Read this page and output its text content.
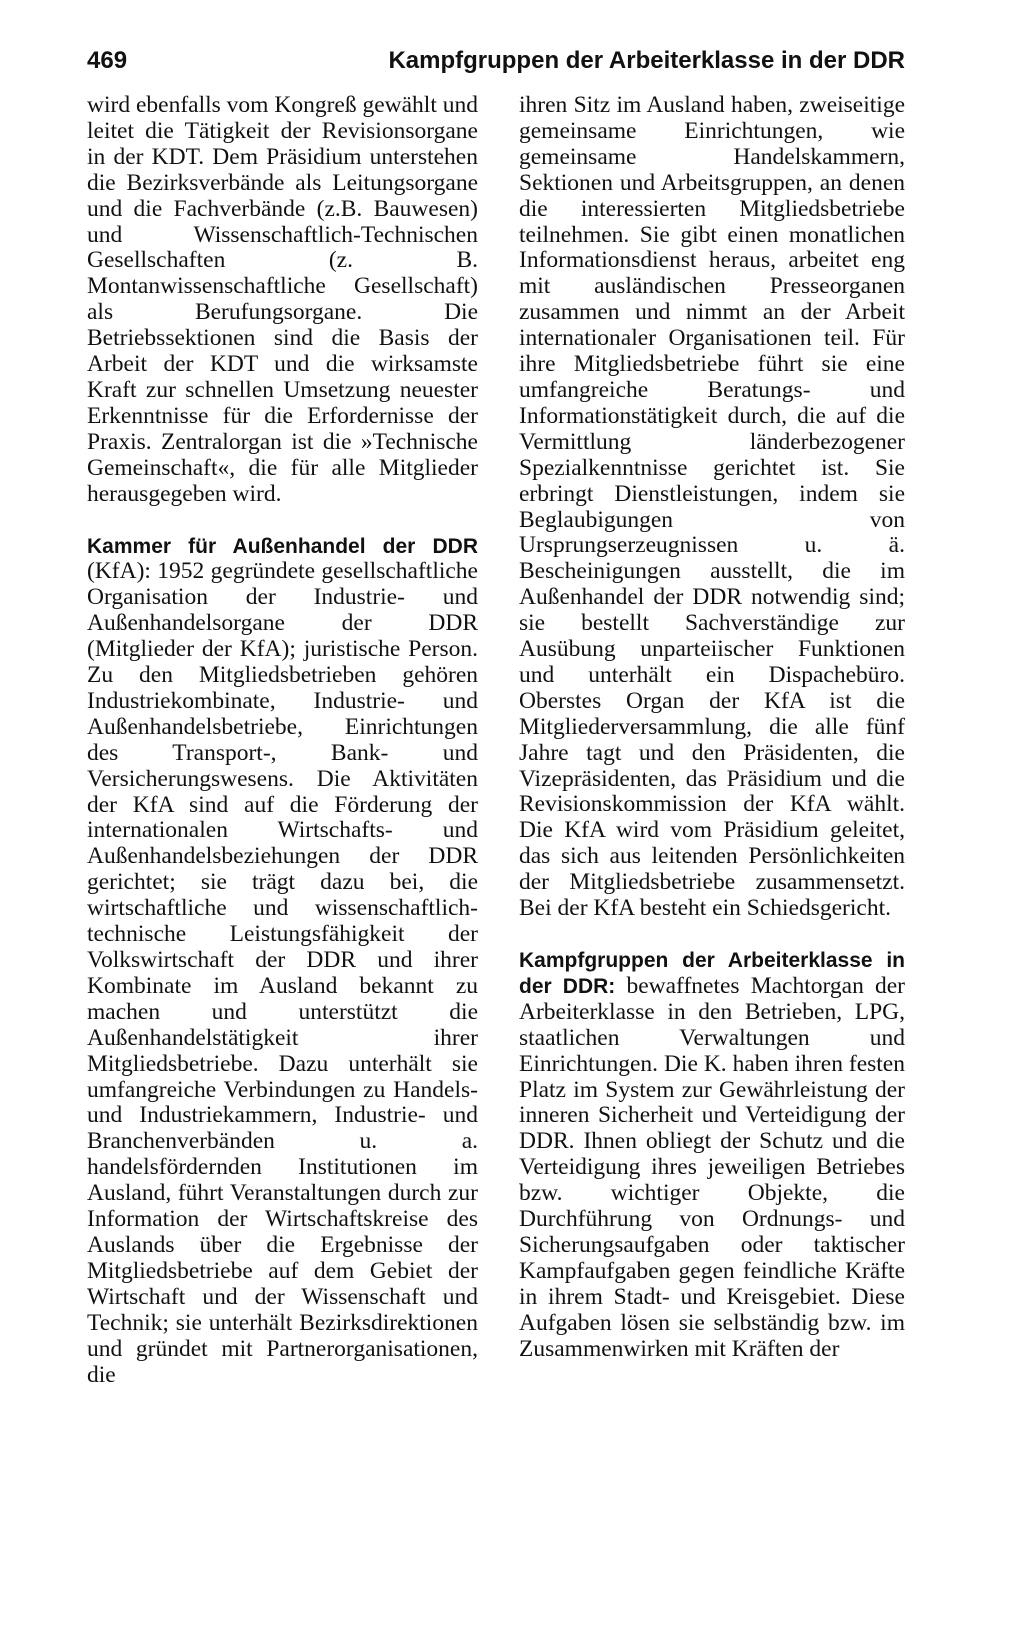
469	Kampfgruppen der Arbeiterklasse in der DDR

wird ebenfalls vom Kongreß gewählt und leitet die Tätigkeit der Revisionsorgane in der KDT. Dem Präsidium unterstehen die Bezirksverbände als Leitungsorgane und die Fachverbände (z.B. Bauwesen) und Wissenschaftlich-Technischen Gesellschaften (z. B. Montanwissenschaftliche Gesellschaft) als Berufungsorgane. Die Betriebssektionen sind die Basis der Arbeit der KDT und die wirksamste Kraft zur schnellen Umsetzung neuester Erkenntnisse für die Erfordernisse der Praxis. Zentralorgan ist die »Technische Gemeinschaft«, die für alle Mitglieder herausgegeben wird.

Kammer für Außenhandel der DDR (KfA): 1952 gegründete gesellschaftliche Organisation der Industrie- und Außenhandelsorgane der DDR (Mitglieder der KfA); juristische Person. Zu den Mitgliedsbetrieben gehören Industriekombinate, Industrie- und Außenhandelsbetriebe, Einrichtungen des Transport-, Bank- und Versicherungswesens. Die Aktivitäten der KfA sind auf die Förderung der internationalen Wirtschafts- und Außenhandelsbeziehungen der DDR gerichtet; sie trägt dazu bei, die wirtschaftliche und wissenschaftlich-technische Leistungsfähigkeit der Volkswirtschaft der DDR und ihrer Kombinate im Ausland bekannt zu machen und unterstützt die Außenhandelstätigkeit ihrer Mitgliedsbetriebe. Dazu unterhält sie umfangreiche Verbindungen zu Handels- und Industriekammern, Industrie- und Branchenverbänden u. a. handelsfördernden Institutionen im Ausland, führt Veranstaltungen durch zur Information der Wirtschaftskreise des Auslands über die Ergebnisse der Mitgliedsbetriebe auf dem Gebiet der Wirtschaft und der Wissenschaft und Technik; sie unterhält Bezirksdirektionen und gründet mit Partnerorganisationen, die

ihren Sitz im Ausland haben, zweiseitige gemeinsame Einrichtungen, wie gemeinsame Handelskammern, Sektionen und Arbeitsgruppen, an denen die interessierten Mitgliedsbetriebe teilnehmen. Sie gibt einen monatlichen Informationsdienst heraus, arbeitet eng mit ausländischen Presseorganen zusammen und nimmt an der Arbeit internationaler Organisationen teil. Für ihre Mitgliedsbetriebe führt sie eine umfangreiche Beratungs- und Informationstätigkeit durch, die auf die Vermittlung länderbezogener Spezialkenntnisse gerichtet ist. Sie erbringt Dienstleistungen, indem sie Beglaubigungen von Ursprungserzeugnissen u. ä. Bescheinigungen ausstellt, die im Außenhandel der DDR notwendig sind; sie bestellt Sachverständige zur Ausübung unparteiischer Funktionen und unterhält ein Dispachebüro. Oberstes Organ der KfA ist die Mitgliederversammlung, die alle fünf Jahre tagt und den Präsidenten, die Vizepräsidenten, das Präsidium und die Revisionskommission der KfA wählt. Die KfA wird vom Präsidium geleitet, das sich aus leitenden Persönlichkeiten der Mitgliedsbetriebe zusammensetzt. Bei der KfA besteht ein Schiedsgericht.

Kampfgruppen der Arbeiterklasse in der DDR: bewaffnetes Machtorgan der Arbeiterklasse in den Betrieben, LPG, staatlichen Verwaltungen und Einrichtungen. Die K. haben ihren festen Platz im System zur Gewährleistung der inneren Sicherheit und Verteidigung der DDR. Ihnen obliegt der Schutz und die Verteidigung ihres jeweiligen Betriebes bzw. wichtiger Objekte, die Durchführung von Ordnungs- und Sicherungsaufgaben oder taktischer Kampfaufgaben gegen feindliche Kräfte in ihrem Stadt- und Kreisgebiet. Diese Aufgaben lösen sie selbständig bzw. im Zusammenwirken mit Kräften der
